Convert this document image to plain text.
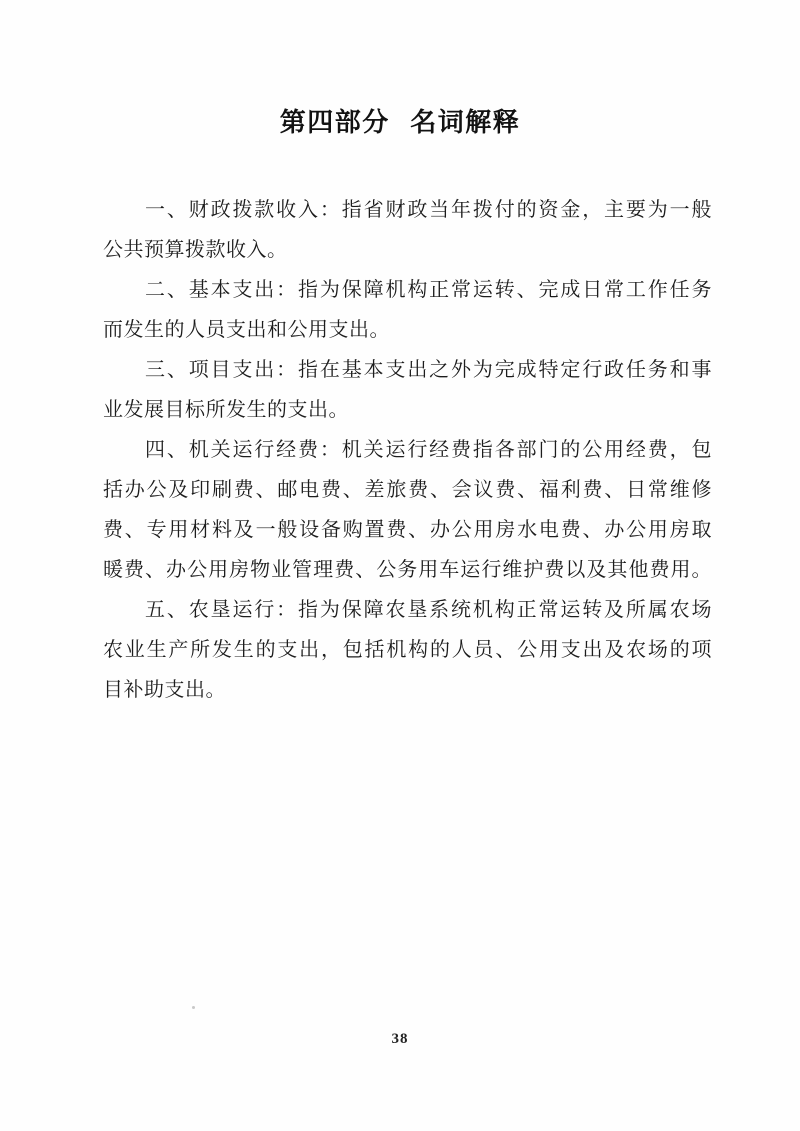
第四部分 名词解释
一、财政拨款收入：指省财政当年拨付的资金，主要为一般
公共预算拨款收入。
二、基本支出：指为保障机构正常运转、完成日常工作任务
而发生的人员支出和公用支出。
三、项目支出：指在基本支出之外为完成特定行政任务和事
业发展目标所发生的支出。
四、机关运行经费：机关运行经费指各部门的公用经费，包
括办公及印刷费、邮电费、差旅费、会议费、福利费、日常维修
费、专用材料及一般设备购置费、办公用房水电费、办公用房取
暖费、办公用房物业管理费、公务用车运行维护费以及其他费用。
五、农垦运行：指为保障农垦系统机构正常运转及所属农场
农业生产所发生的支出，包括机构的人员、公用支出及农场的项
目补助支出。
38
